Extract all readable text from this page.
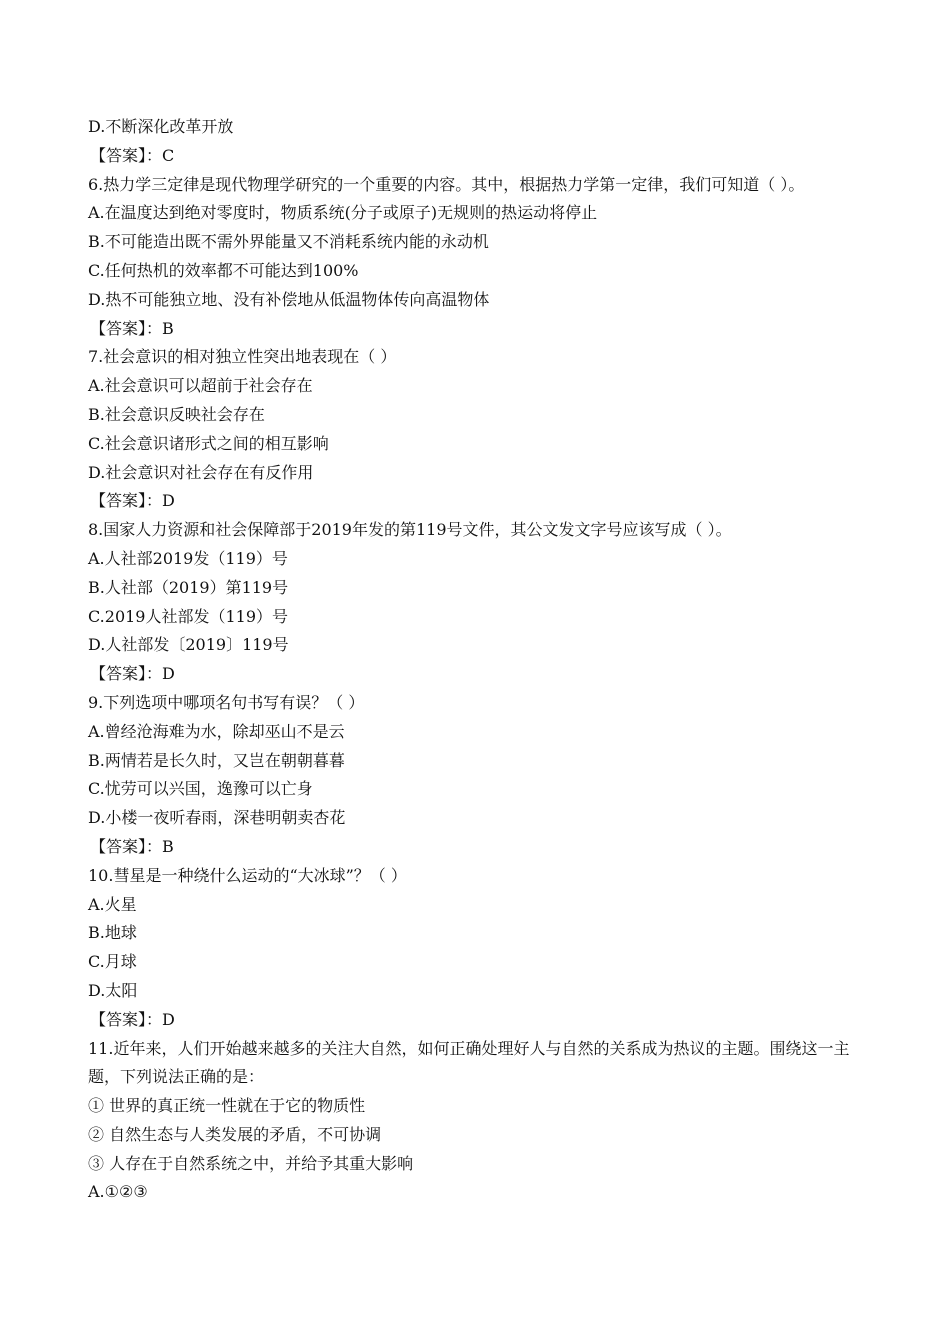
D.不断深化改革开放

【答案】：C

6.热力学三定律是现代物理学研究的一个重要的内容。其中，根据热力学第一定律，我们可知道（ ）。

A.在温度达到绝对零度时，物质系统(分子或原子)无规则的热运动将停止

B.不可能造出既不需外界能量又不消耗系统内能的永动机

C.任何热机的效率都不可能达到100%

D.热不可能独立地、没有补偿地从低温物体传向高温物体

【答案】：B

7.社会意识的相对独立性突出地表现在（ ）

A.社会意识可以超前于社会存在

B.社会意识反映社会存在

C.社会意识诸形式之间的相互影响

D.社会意识对社会存在有反作用

【答案】：D

8.国家人力资源和社会保障部于2019年发的第119号文件，其公文发文字号应该写成（ ）。

A.人社部2019发（119）号

B.人社部（2019）第119号

C.2019人社部发（119）号

D.人社部发〔2019〕119号

【答案】：D

9.下列选项中哪项名句书写有误？（ ）

A.曾经沧海难为水，除却巫山不是云

B.两情若是长久时，又岂在朝朝暮暮

C.忧劳可以兴国，逸豫可以亡身

D.小楼一夜听春雨，深巷明朝卖杏花

【答案】：B

10.彗星是一种绕什么运动的“大冰球”？（ ）

A.火星

B.地球

C.月球

D.太阳

【答案】：D

11.近年来，人们开始越来越多的关注大自然，如何正确处理好人与自然的关系成为热议的主题。围绕这一主

题，下列说法正确的是：

① 世界的真正统一性就在于它的物质性

② 自然生态与人类发展的矛盾，不可协调

③ 人存在于自然系统之中，并给予其重大影响

A.①②③
